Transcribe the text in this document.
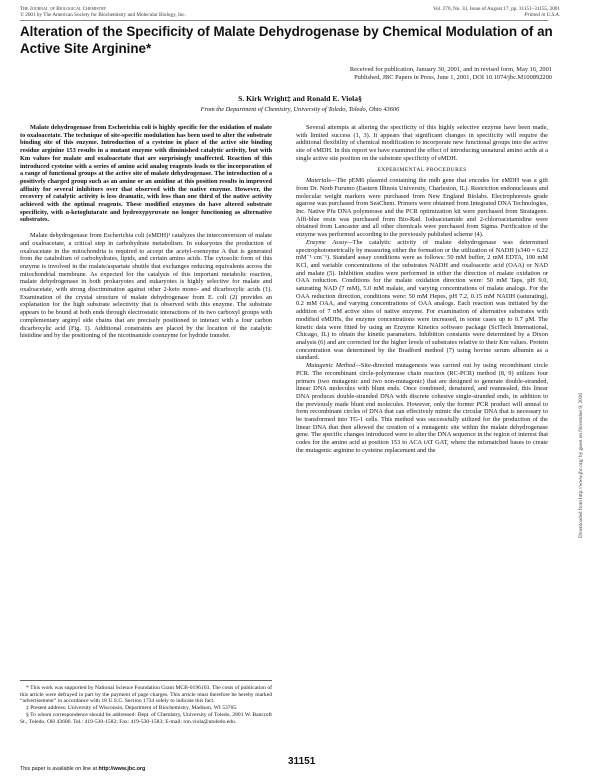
The Journal of Biological Chemistry
© 2001 by The American Society for Biochemistry and Molecular Biology, Inc.
Vol. 276, No. 33, Issue of August 17, pp. 31151–31155, 2001
Printed in U.S.A.
Alteration of the Specificity of Malate Dehydrogenase by Chemical Modulation of an Active Site Arginine*
Received for publication, January 30, 2001, and in revised form, May 16, 2001
Published, JBC Papers in Press, June 1, 2001, DOI 10.1074/jbc.M100892200
S. Kirk Wright‡ and Ronald E. Viola§
From the Department of Chemistry, University of Toledo, Toledo, Ohio 43606

Malate dehydrogenase from Escherichia coli is highly specific for the oxidation of malate to oxaloacetate. The technique of site-specific modulation has been used to alter the substrate binding site of this enzyme. Introduction of a cysteine in place of the active site binding residue arginine 153 results in a mutant enzyme with diminished catalytic activity, but with Km values for malate and oxaloacetate that are surprisingly unaffected. Reaction of this introduced cysteine with a series of amino acid analog reagents leads to the incorporation of a range of functional groups at the active site of malate dehydrogenase. The introduction of a positively charged group such as an amine or an amidine at this position results in improved affinity for several inhibitors over that observed with the native enzyme. However, the recovery of catalytic activity is less dramatic, with less than one third of the native activity achieved with the optimal reagents. These modified enzymes do have altered substrate specificity, with α-ketoglutarate and hydroxypyruvate no longer functioning as alternative substrates.

Malate dehydrogenase from Escherichia coli (eMDH)¹ catalyzes the interconversion of malate and oxaloacetate, a critical step in carbohydrate metabolism. In eukaryotes the production of oxaloacetate in the mitochondria is required to accept the acetyl-coenzyme A that is generated from the catabolism of carbohydrates, lipids, and certain amino acids. The cytosolic form of this enzyme is involved in the malate/aspartate shuttle that exchanges reducing equivalents across the mitochondrial membrane. As expected for the catalysis of this important metabolic reaction, malate dehydrogenase in both prokaryotes and eukaryotes is highly selective for malate and oxaloacetate, with strong discrimination against other 2-keto mono- and dicarboxylic acids (1). Examination of the crystal structure of malate dehydrogenase from E. coli (2) provides an explanation for the high substrate selectivity that is observed with this enzyme. The substrate appears to be bound at both ends through electrostatic interactions of its two carboxyl groups with complementary arginyl side chains that are precisely positioned to interact with a four carbon dicarboxylic acid (Fig. 1). Additional constraints are placed by the location of the catalytic histidine and by the positioning of the nicotinamide coenzyme for hydride transfer.

Several attempts at altering the specificity of this highly selective enzyme have been made, with limited success (1, 3). It appears that significant changes in specificity will require the additional flexibility of chemical modification to incorporate new functional groups into the active site of eMDH. In this report we have examined the effect of introducing unnatural amino acids at a single active site position on the substrate specificity of eMDH.

EXPERIMENTAL PROCEDURES

Materials—The pEM6 plasmid containing the mdh gene that encodes for eMDH was a gift from Dr. Norb Furumo (Eastern Illinois University, Charleston, IL). Restriction endonucleases and molecular weight markers were purchased from New England Biolabs. Electrophoresis grade agarose was purchased from SeaChem. Primers were obtained from Integrated DNA Technologies, Inc. Native Pfu DNA polymerase and the PCR optimization kit were purchased from Stratagene. Affi-blue resin was purchased from Bio-Rad. Iodoacetamide and 2-chloroacetamidine were obtained from Lancaster and all other chemicals were purchased from Sigma. Purification of the enzyme was performed according to the previously published scheme (4).

Enzyme Assay—The catalytic activity of malate dehydrogenase was determined spectrophotometrically by measuring either the formation or the utilization of NADH (ε340 = 6.22 mM⁻¹ cm⁻¹). Standard assay conditions were as follows: 50 mM buffer, 2 mM EDTA, 100 mM KCl, and variable concentrations of the substrates NADH and oxaloacetic acid (OAA) or NAD and malate (5). Inhibition studies were performed in either the direction of malate oxidation or OAA reduction. Conditions for the malate oxidation direction were: 50 mM Taps, pH 9.0, saturating NAD (7 mM), 5.0 mM malate, and varying concentrations of malate analogs. For the OAA reduction direction, conditions were: 50 mM Hepes, pH 7.2, 0.15 mM NADH (saturating), 0.2 mM OAA, and varying concentrations of OAA analogs. Each reaction was initiated by the addition of 7 nM active sites of native enzyme. For examination of alternative substrates with modified eMDHs, the enzyme concentrations were increased, in some cases up to 0.7 μM. The kinetic data were fitted by using an Enzyme Kinetics software package (SciTech International, Chicago, IL) to obtain the kinetic parameters. Inhibition constants were determined by a Dixon analysis (6) and are corrected for the higher levels of substrates relative to their Km values. Protein concentration was determined by the Bradford method (7) using bovine serum albumin as a standard.

Mutagenic Method—Site-directed mutagenesis was carried out by using recombinant circle PCR. The recombinant circle-polymerase chain reaction (RC-PCR) method (8, 9) utilizes four primers (two mutagenic and two non-mutagenic) that are designed to generate double-stranded, linear DNA molecules with blunt ends. Once combined, denatured, and reannealed, this linear DNA produces double-stranded DNA with discrete cohesive single-stranded ends, in addition to the previously made blunt end molecules. However, only the former PCR product will anneal to form recombinant circles of DNA that can effectively mimic the circular DNA that is necessary to be transformed into TG-1 cells. This method was successfully utilized for the production of the linear DNA that then allowed the creation of a mutagenic site within the malate dehydrogenase gene. The specific changes introduced were to alter the DNA sequence in the region of interest that codes for the amino acid at position 153 to ACA tAT GAT, where the mismatched bases to create the mutagenic arginine to cysteine replacement and the

* This work was supported by National Science Foundation Grant MCB-0196103. The costs of publication of this article were defrayed in part by the payment of page charges. This article must therefore be hereby marked “advertisement” in accordance with 18 U.S.C. Section 1734 solely to indicate this fact.

‡ Present address: University of Wisconsin, Department of Biochemistry, Madison, WI 53705.

§ To whom correspondence should be addressed: Dept. of Chemistry, University of Toledo, 2801 W. Bancroft St., Toledo, OH 43606. Tel.: 419-530-1582; Fax: 419-530-1583; E-mail: ron.viola@utoledo.edu.

This paper is available on line at http://www.jbc.org
31151
Downloaded from http://www.jbc.org/ by guest on November 9, 2016
